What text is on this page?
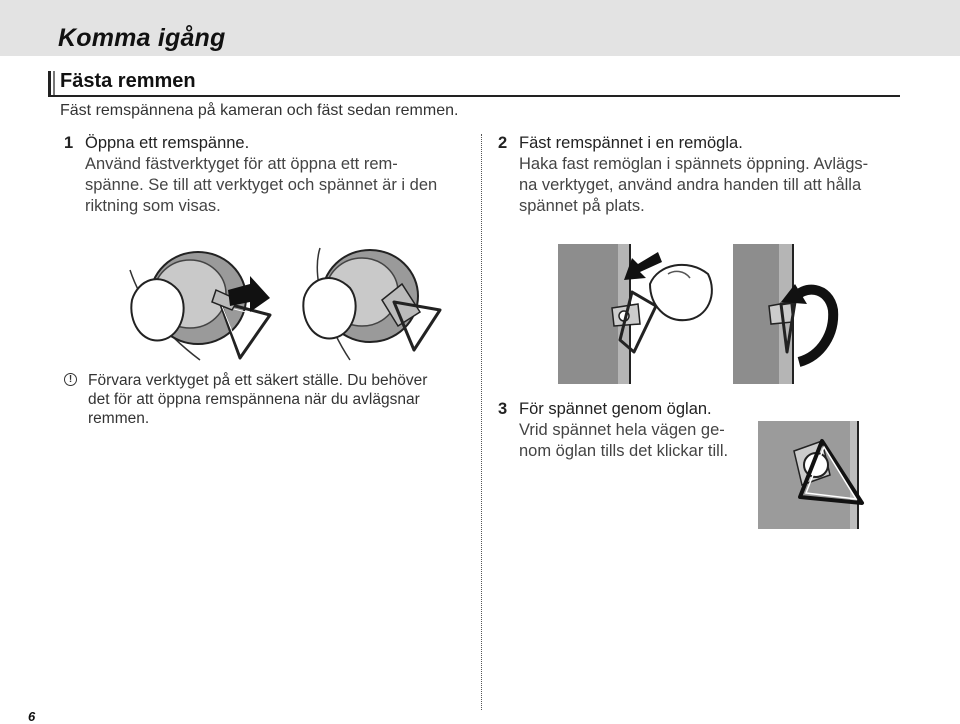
Komma igång
Fästa remmen
Fäst remspännena på kameran och fäst sedan remmen.
1 Öppna ett remspänne.
Använd fästverktyget för att öppna ett rem-
spänne. Se till att verktyget och spännet är i den
riktning som visas.
2 Fäst remspännet i en remögla.
Haka fast remöglan i spännets öppning. Avlägs-
na verktyget, använd andra handen till att hålla
spännet på plats.
!	Förvara verktyget på ett säkert ställe. Du behöver
det för att öppna remspännena när du avlägsnar
remmen.
3 För spännet genom öglan.
Vrid spännet hela vägen ge-
nom öglan tills det klickar till.
6
